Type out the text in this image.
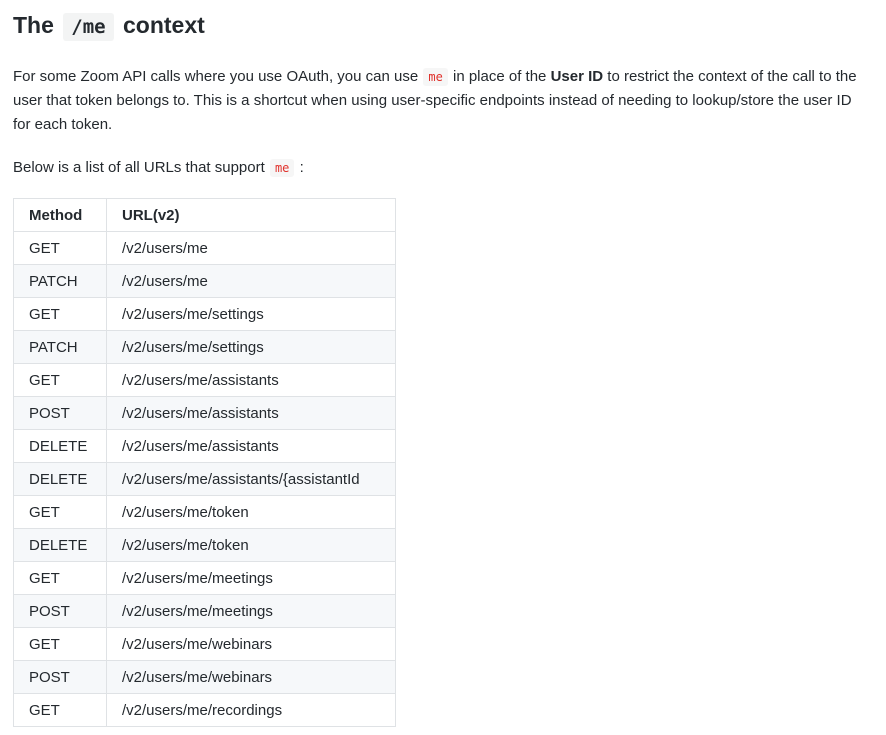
The /me context

For some Zoom API calls where you use OAuth, you can use me in place of the User ID to restrict the context of the call to the user that token belongs to. This is a shortcut when using user-specific endpoints instead of needing to lookup/store the user ID for each token.

Below is a list of all URLs that support me :

Method	URL(v2)
GET	/v2/users/me
PATCH	/v2/users/me
GET	/v2/users/me/settings
PATCH	/v2/users/me/settings
GET	/v2/users/me/assistants
POST	/v2/users/me/assistants
DELETE	/v2/users/me/assistants
DELETE	/v2/users/me/assistants/{assistantId
GET	/v2/users/me/token
DELETE	/v2/users/me/token
GET	/v2/users/me/meetings
POST	/v2/users/me/meetings
GET	/v2/users/me/webinars
POST	/v2/users/me/webinars
GET	/v2/users/me/recordings
